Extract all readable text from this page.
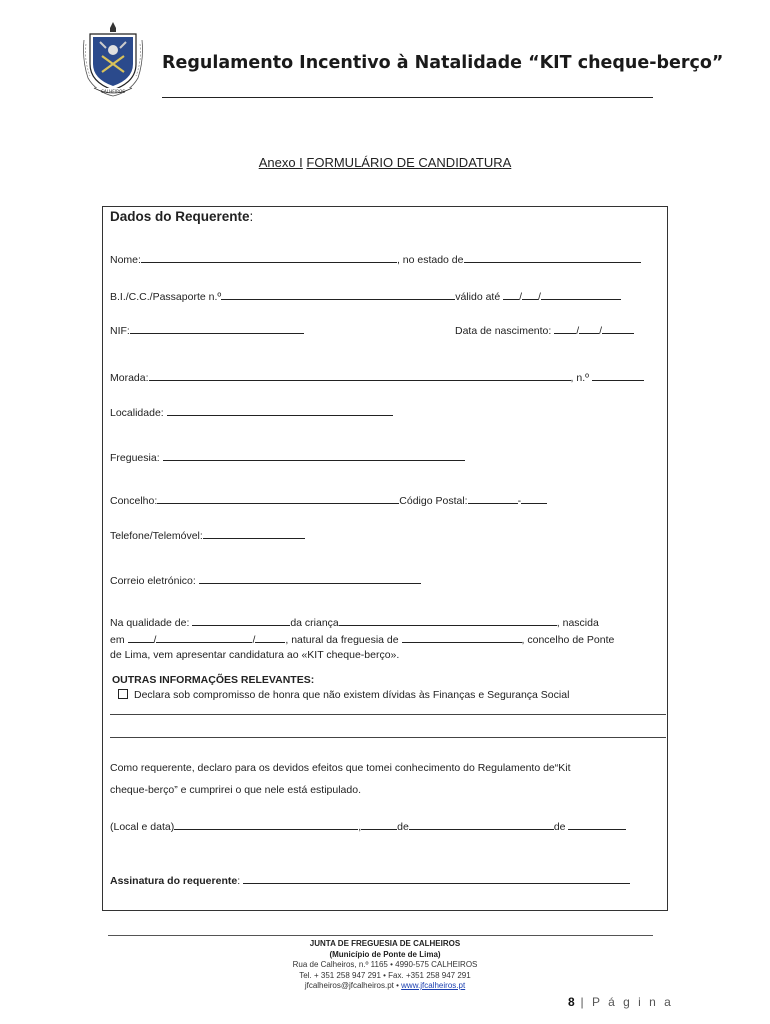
CALHEIROS
Regulamento Incentivo à Natalidade “KIT cheque-berço”
Anexo I FORMULÁRIO DE CANDIDATURA
Dados do Requerente:
Nome:	, no estado de
B.I./C.C./Passaporte n.º	válido até / /
NIF:	Data de nascimento: / /
Morada:	, n.º
Localidade:
Freguesia:
Concelho:	Código Postal:	-
Telefone/Telemóvel:
Correio eletrónico:
Na qualidade de:	da criança	, nascida
em	/	/	, natural da freguesia de	, concelho de Ponte
de Lima, vem apresentar candidatura ao «KIT cheque-berço».
OUTRAS INFORMAÇÕES RELEVANTES:
Declara sob compromisso de honra que não existem dívidas às Finanças e Segurança Social
Como requerente, declaro para os devidos efeitos que tomei conhecimento do Regulamento de“Kit
cheque-berço” e cumprirei o que nele está estipulado.
(Local e data)	,	de	de
Assinatura do requerente:
JUNTA DE FREGUESIA DE CALHEIROS
(Município de Ponte de Lima)
Rua de Calheiros, n.º 1165 • 4990-575 CALHEIROS
Tel. + 351 258 947 291 • Fax. +351 258 947 291
jfcalheiros@jfcalheiros.pt • www.jfcalheiros.pt
8 | P á g i n a
